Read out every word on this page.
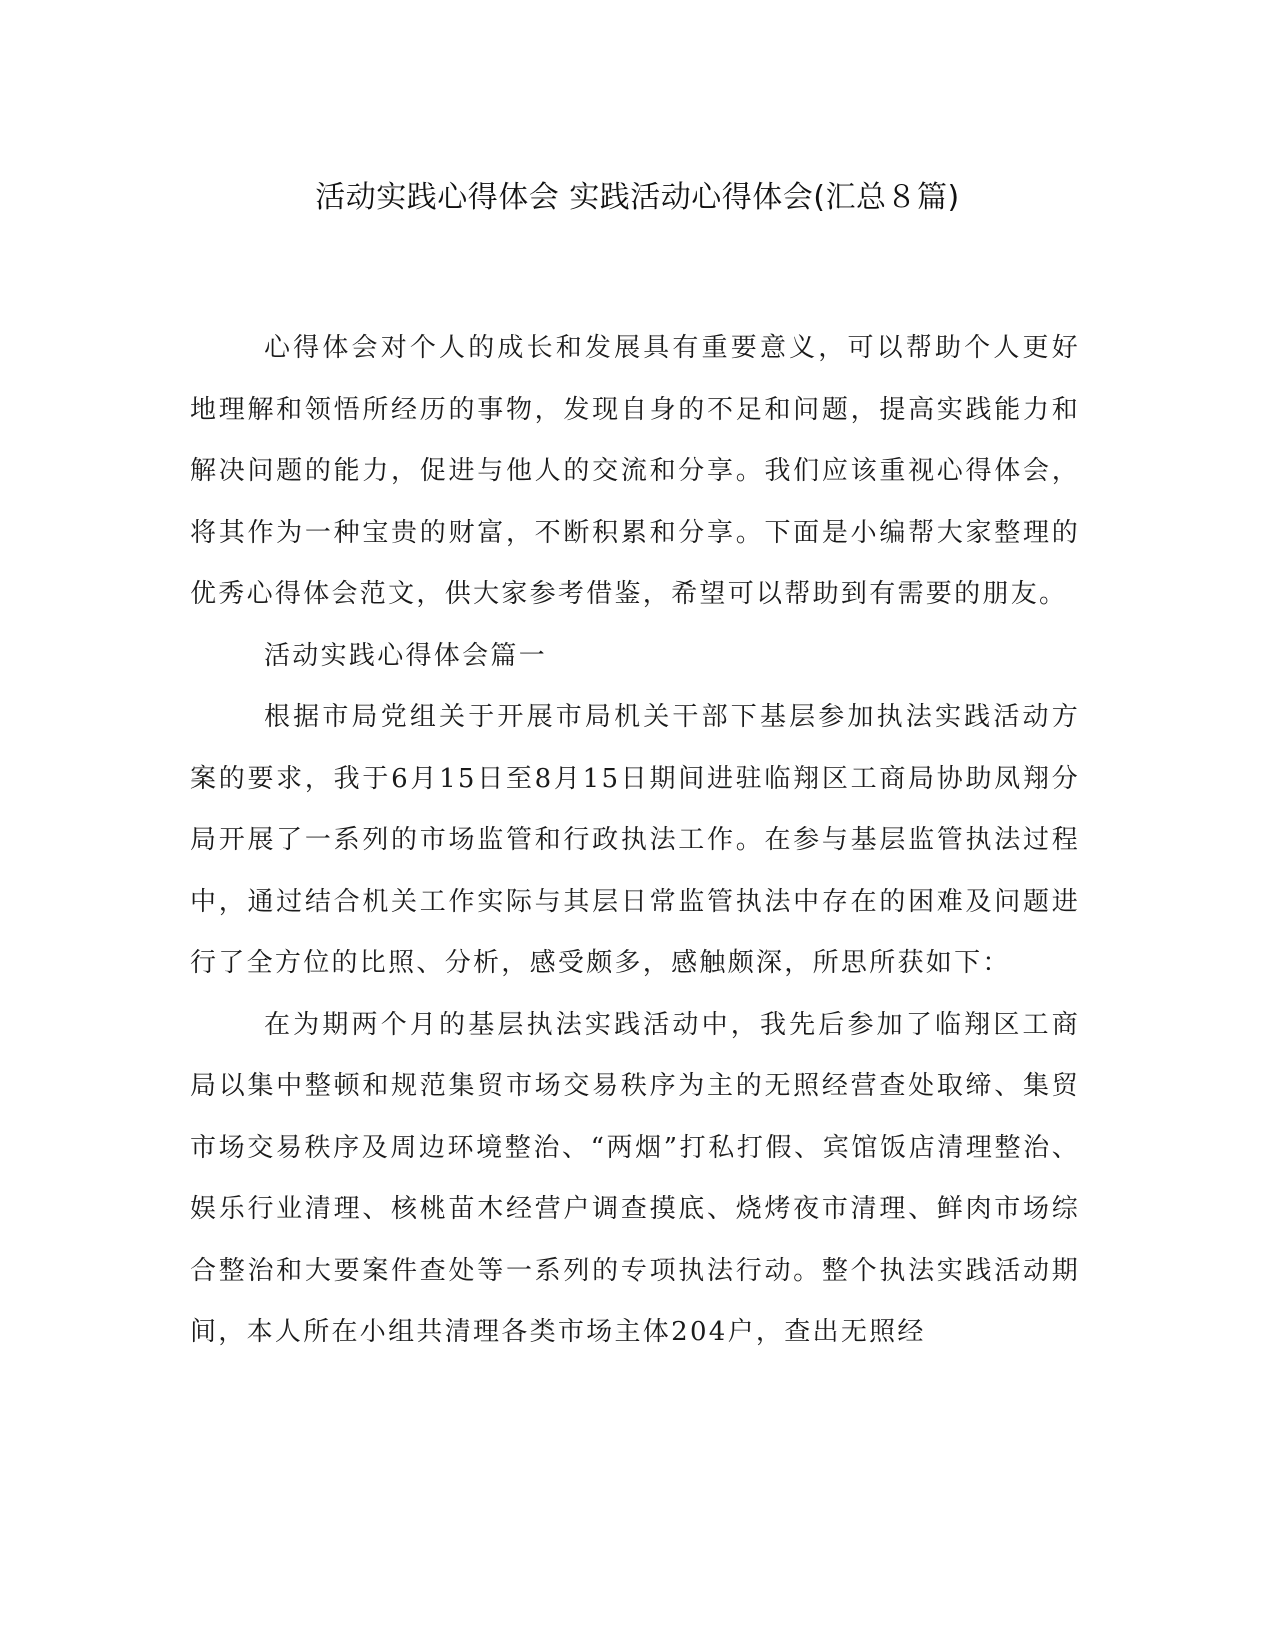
活动实践心得体会 实践活动心得体会(汇总８篇)

心得体会对个人的成长和发展具有重要意义，可以帮助个人更好地理解和领悟所经历的事物，发现自身的不足和问题，提高实践能力和解决问题的能力，促进与他人的交流和分享。我们应该重视心得体会，将其作为一种宝贵的财富，不断积累和分享。下面是小编帮大家整理的优秀心得体会范文，供大家参考借鉴，希望可以帮助到有需要的朋友。

活动实践心得体会篇一

根据市局党组关于开展市局机关干部下基层参加执法实践活动方案的要求，我于6月15日至8月15日期间进驻临翔区工商局协助凤翔分局开展了一系列的市场监管和行政执法工作。在参与基层监管执法过程中，通过结合机关工作实际与其层日常监管执法中存在的困难及问题进行了全方位的比照、分析，感受颇多，感触颇深，所思所获如下：

在为期两个月的基层执法实践活动中，我先后参加了临翔区工商局以集中整顿和规范集贸市场交易秩序为主的无照经营查处取缔、集贸市场交易秩序及周边环境整治、“两烟”打私打假、宾馆饭店清理整治、娱乐行业清理、核桃苗木经营户调查摸底、烧烤夜市清理、鲜肉市场综合整治和大要案件查处等一系列的专项执法行动。整个执法实践活动期间，本人所在小组共清理各类市场主体204户，查出无照经
